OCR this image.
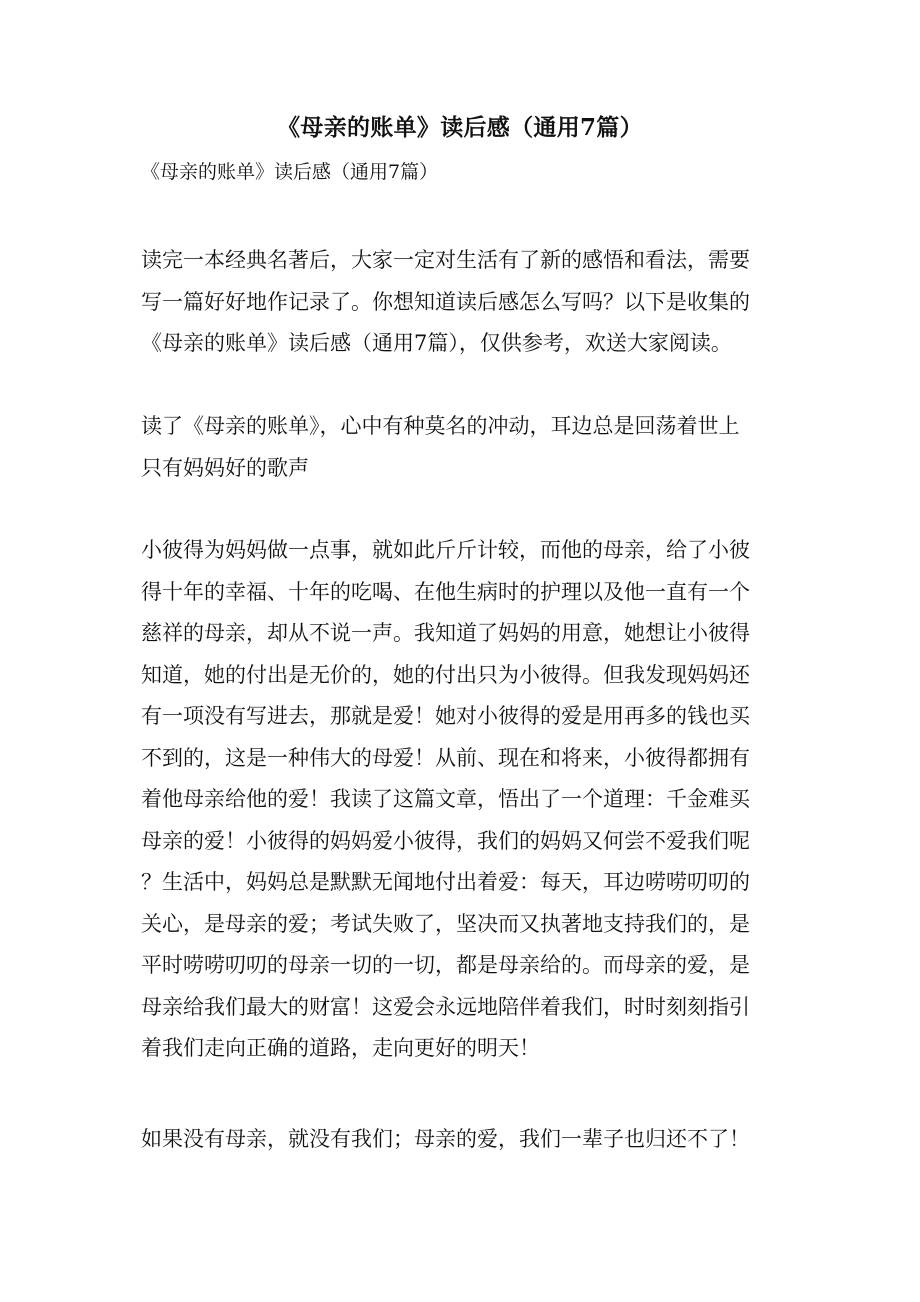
《母亲的账单》读后感（通用7篇）
《母亲的账单》读后感（通用7篇）
读完一本经典名著后，大家一定对生活有了新的感悟和看法，需要
写一篇好好地作记录了。你想知道读后感怎么写吗？以下是收集的
《母亲的账单》读后感（通用7篇），仅供参考，欢送大家阅读。
读了《母亲的账单》，心中有种莫名的冲动，耳边总是回荡着世上
只有妈妈好的歌声
小彼得为妈妈做一点事，就如此斤斤计较，而他的母亲，给了小彼
得十年的幸福、十年的吃喝、在他生病时的护理以及他一直有一个
慈祥的母亲，却从不说一声。我知道了妈妈的用意，她想让小彼得
知道，她的付出是无价的，她的付出只为小彼得。但我发现妈妈还
有一项没有写进去，那就是爱！她对小彼得的爱是用再多的钱也买
不到的，这是一种伟大的母爱！从前、现在和将来，小彼得都拥有
着他母亲给他的爱！我读了这篇文章，悟出了一个道理：千金难买
母亲的爱！小彼得的妈妈爱小彼得，我们的妈妈又何尝不爱我们呢
？生活中，妈妈总是默默无闻地付出着爱：每天，耳边唠唠叨叨的
关心，是母亲的爱；考试失败了，坚决而又执著地支持我们的，是
平时唠唠叨叨的母亲一切的一切，都是母亲给的。而母亲的爱，是
母亲给我们最大的财富！这爱会永远地陪伴着我们，时时刻刻指引
着我们走向正确的道路，走向更好的明天！
如果没有母亲，就没有我们；母亲的爱，我们一辈子也归还不了！
